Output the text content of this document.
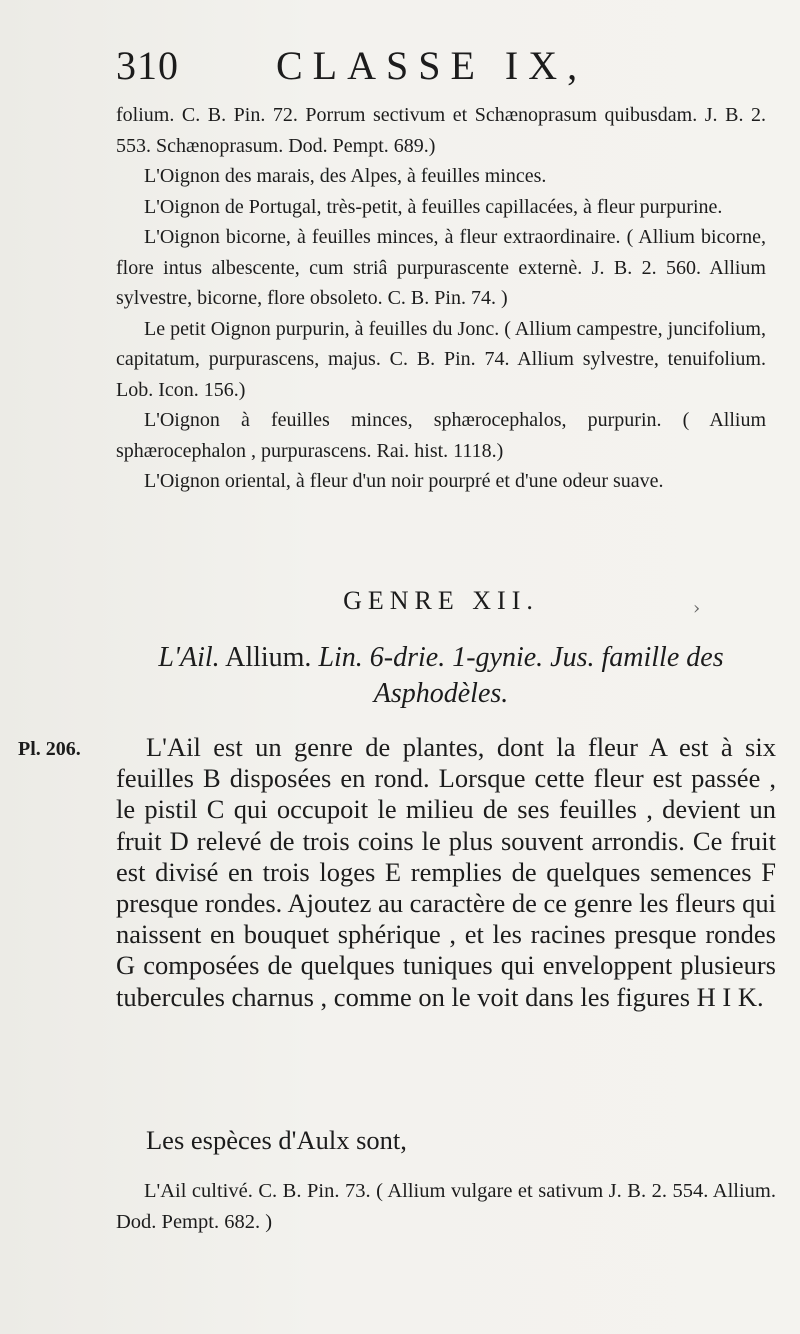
310 CLASSE IX,

folium. C. B. Pin. 72. Porrum sectivum et Schænoprasum quibusdam. J. B. 2. 553. Schænoprasum. Dod. Pempt. 689.)

L'Oignon des marais, des Alpes, à feuilles minces.

L'Oignon de Portugal, très-petit, à feuilles capillacées, à fleur purpurine.

L'Oignon bicorne, à feuilles minces, à fleur extraordinaire. ( Allium bicorne, flore intus albescente, cum striâ purpurascente externè. J. B. 2. 560. Allium sylvestre, bicorne, flore obsoleto. C. B. Pin. 74. )

Le petit Oignon purpurin, à feuilles du Jonc. ( Allium campestre, juncifolium, capitatum, purpurascens, majus. C. B. Pin. 74. Allium sylvestre, tenuifolium. Lob. Icon. 156.)

L'Oignon à feuilles minces, sphærocephalos, purpurin. ( Allium sphærocephalon , purpurascens. Rai. hist. 1118.)

L'Oignon oriental, à fleur d'un noir pourpré et d'une odeur suave.

GENRE XII.	›
L'Ail. Allium. Lin. 6-drie. 1-gynie. Jus. famille des Asphodèles.
Pl. 206.	L'Ail est un genre de plantes, dont la fleur A est à six feuilles B disposées en rond. Lorsque cette fleur est passée , le pistil C qui occupoit le milieu de ses feuilles , devient un fruit D relevé de trois coins le plus souvent arrondis. Ce fruit est divisé en trois loges E remplies de quelques semences F presque rondes. Ajoutez au caractère de ce genre les fleurs qui naissent en bouquet sphérique , et les racines presque rondes G composées de quelques tuniques qui enveloppent plusieurs tubercules charnus , comme on le voit dans les figures H I K.

Les espèces d'Aulx sont,

L'Ail cultivé. C. B. Pin. 73. ( Allium vulgare et sativum J. B. 2. 554. Allium. Dod. Pempt. 682. )
